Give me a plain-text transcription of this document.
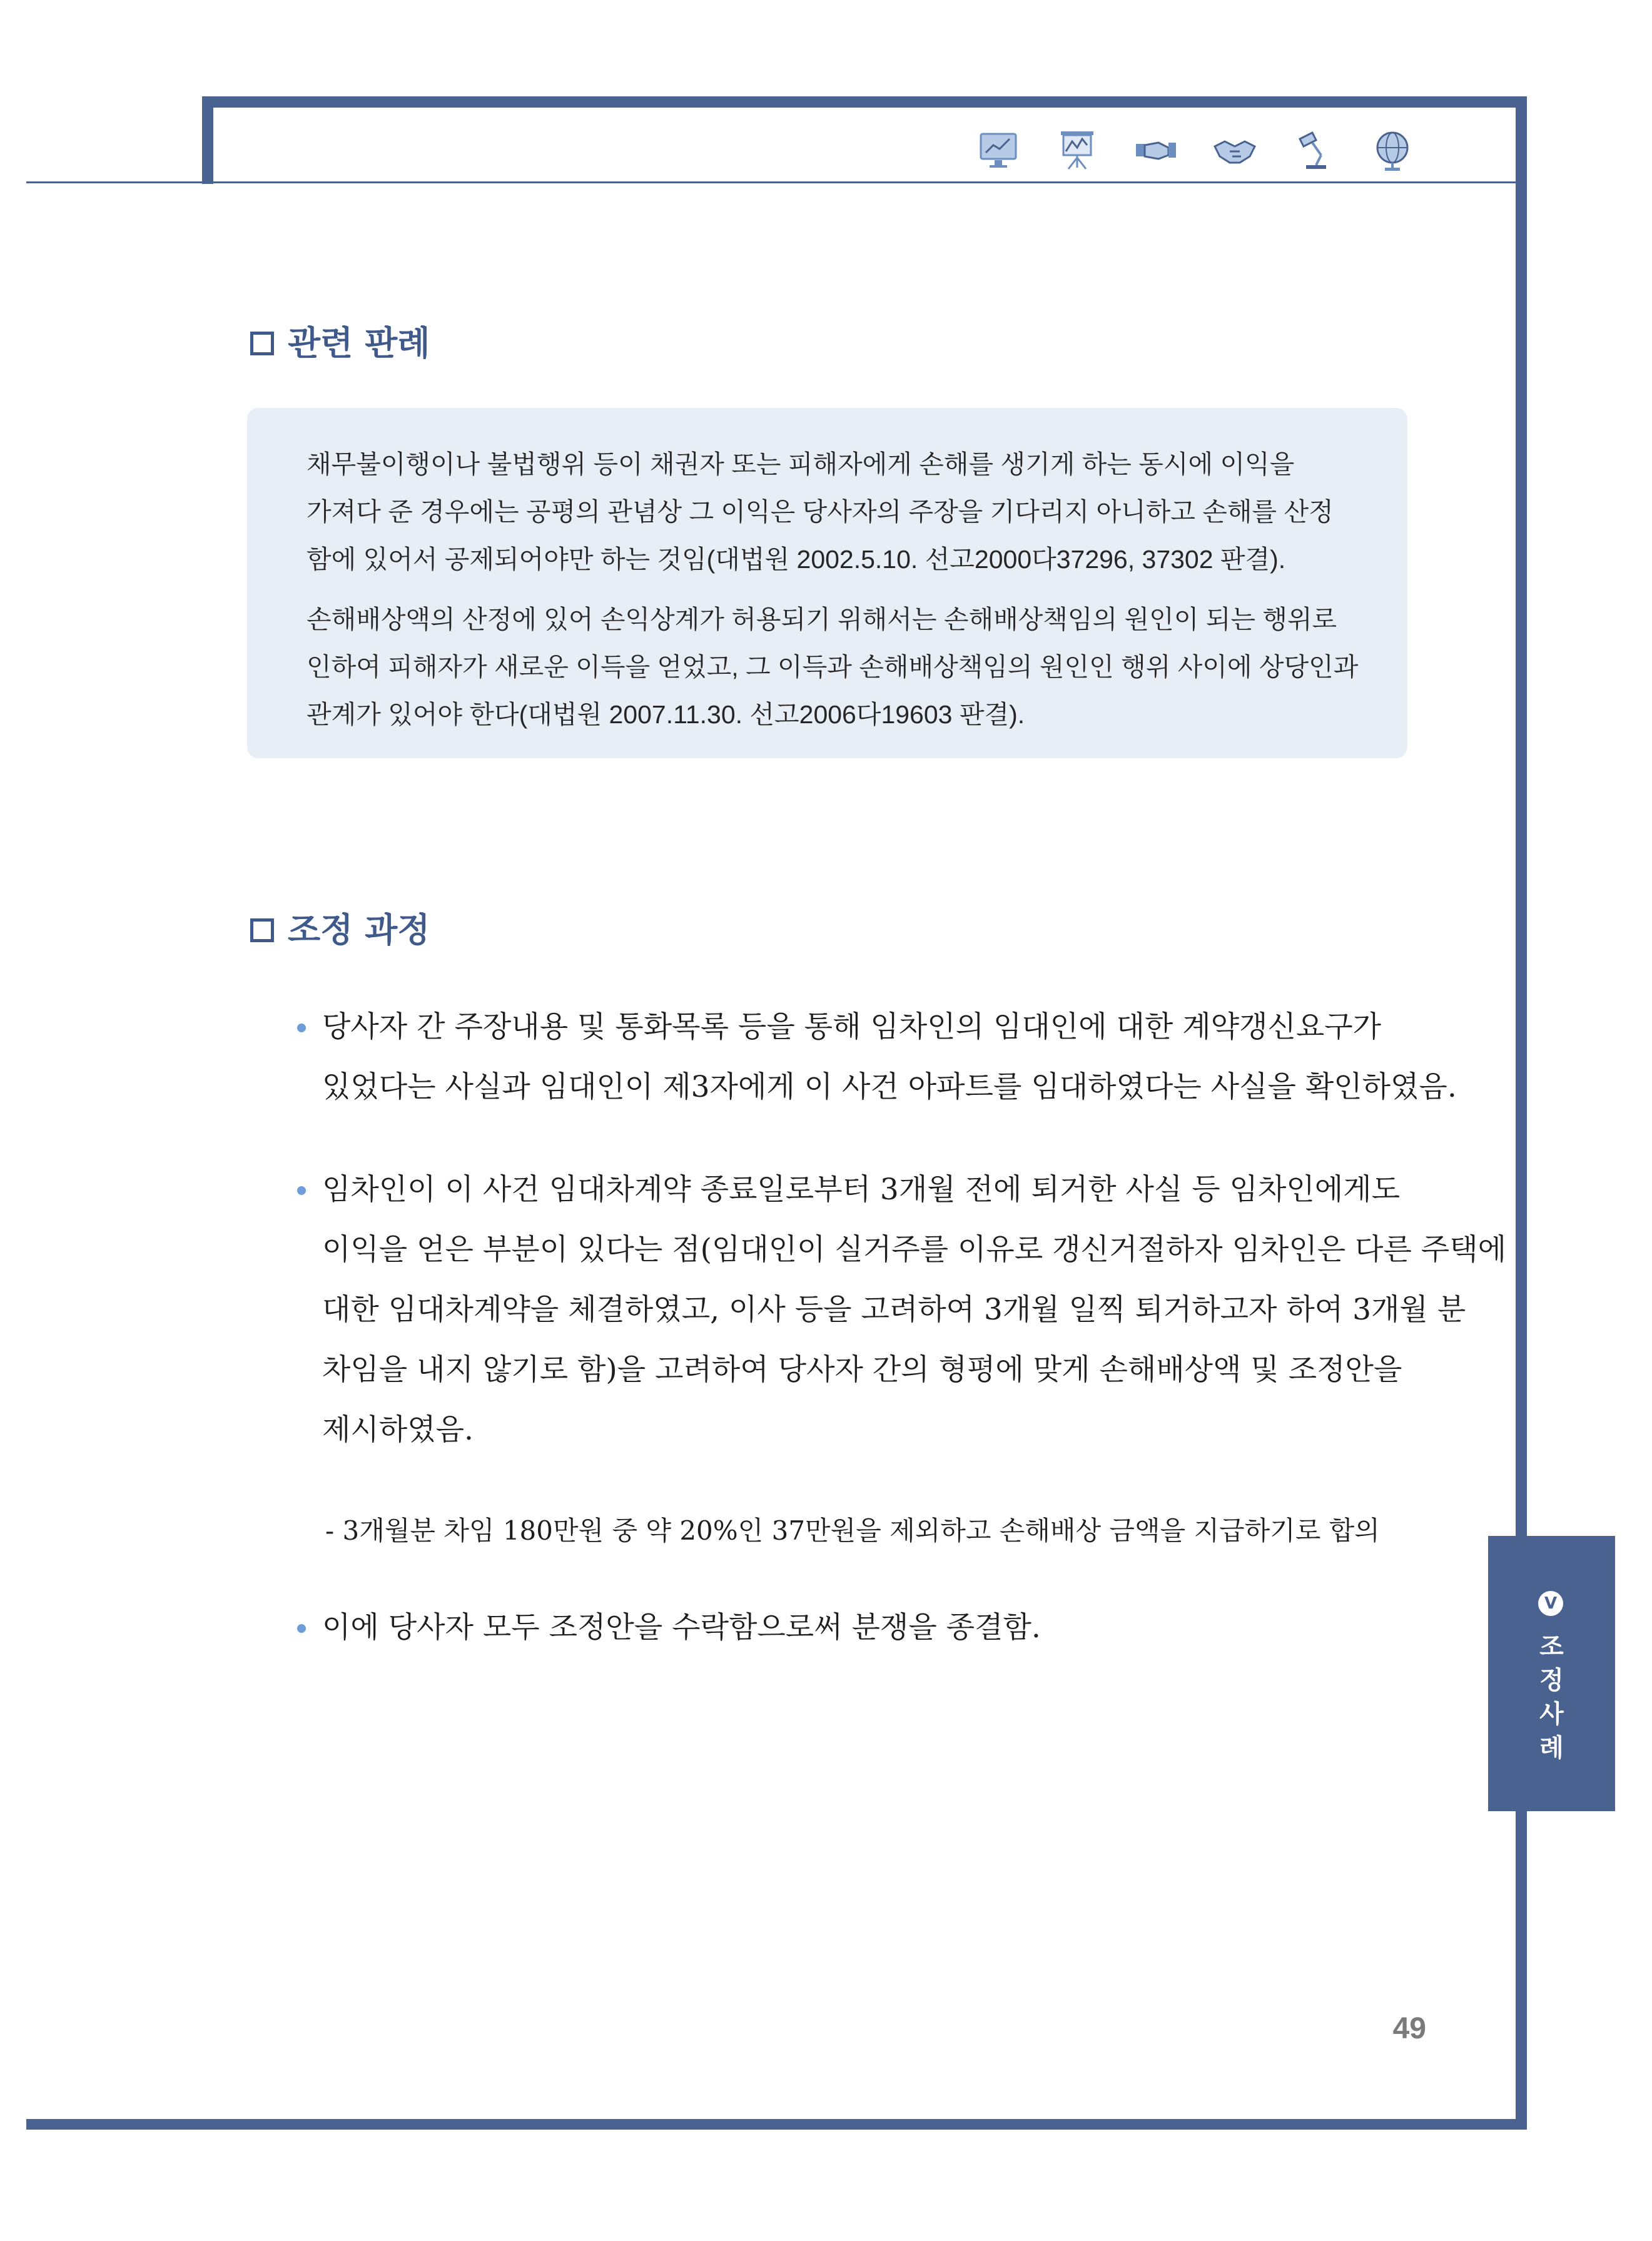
관련 판례
채무불이행이나 불법행위 등이 채권자 또는 피해자에게 손해를 생기게 하는 동시에 이익을
가져다 준 경우에는 공평의 관념상 그 이익은 당사자의 주장을 기다리지 아니하고 손해를 산정
함에 있어서 공제되어야만 하는 것임(대법원 2002.5.10. 선고2000다37296, 37302 판결).
손해배상액의 산정에 있어 손익상계가 허용되기 위해서는 손해배상책임의 원인이 되는 행위로
인하여 피해자가 새로운 이득을 얻었고, 그 이득과 손해배상책임의 원인인 행위 사이에 상당인과
관계가 있어야 한다(대법원 2007.11.30. 선고2006다19603 판결).
조정 과정
당사자 간 주장내용 및 통화목록 등을 통해 임차인의 임대인에 대한 계약갱신요구가
있었다는 사실과 임대인이 제3자에게 이 사건 아파트를 임대하였다는 사실을 확인하였음.
임차인이 이 사건 임대차계약 종료일로부터 3개월 전에 퇴거한 사실 등 임차인에게도
이익을 얻은 부분이 있다는 점(임대인이 실거주를 이유로 갱신거절하자 임차인은 다른 주택에
대한 임대차계약을 체결하였고, 이사 등을 고려하여 3개월 일찍 퇴거하고자 하여 3개월 분
차임을 내지 않기로 함)을 고려하여 당사자 간의 형평에 맞게 손해배상액 및 조정안을
제시하였음.
- 3개월분 차임 180만원 중 약 20%인 37만원을 제외하고 손해배상 금액을 지급하기로 합의
이에 당사자 모두 조정안을 수락함으로써 분쟁을 종결함.
V
조
정
사
례
49
